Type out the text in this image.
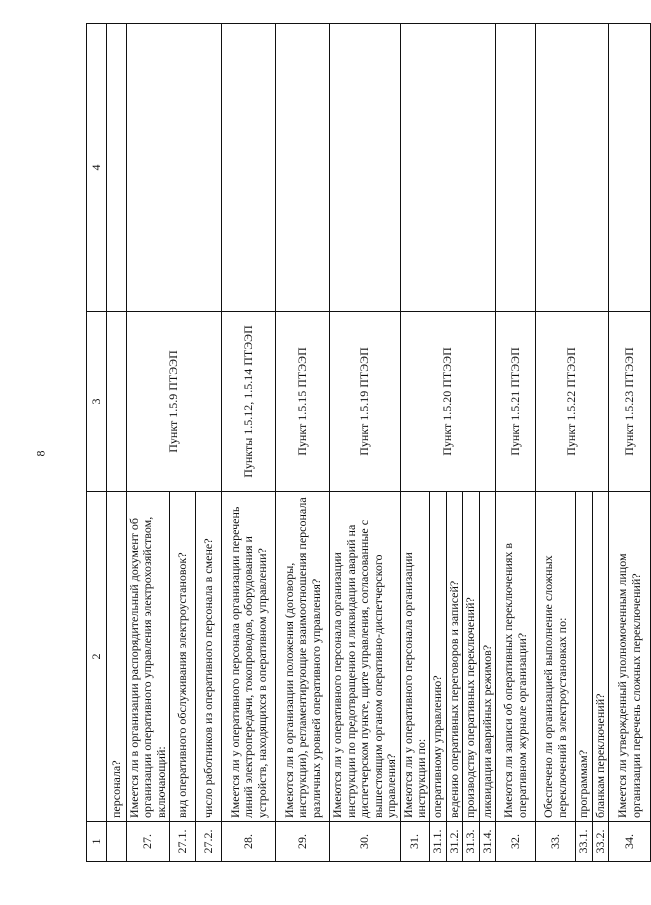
8
1	2	3	4
	персонала?		
27.	Имеется ли в организации распорядительный документ об организации оперативного управления электрохозяйством, включающий:	Пункт 1.5.9 ПТЭЭП	
27.1.	вид оперативного обслуживания электроустановок?		
27.2.	число работников из оперативного персонала в смене?		
28.	Имеется ли у оперативного персонала организации перечень линий электропередачи, токопроводов, оборудования и устройств, находящихся в оперативном управлении?	Пункты 1.5.12, 1.5.14 ПТЭЭП	
29.	Имеются ли в организации положения (договоры, инструкции), регламентирующие взаимоотношения персонала различных уровней оперативного управления?	Пункт 1.5.15 ПТЭЭП	
30.	Имеются ли у оперативного персонала организации инструкции по предотвращению и ликвидации аварий на диспетчерском пункте, щите управления, согласованные с вышестоящим органом оперативно-диспетчерского управления?	Пункт 1.5.19 ПТЭЭП	
31.	Имеются ли у оперативного персонала организации инструкции по:	Пункт 1.5.20 ПТЭЭП	
31.1.	оперативному управлению?		
31.2.	ведению оперативных переговоров и записей?		
31.3.	производству оперативных переключений?		
31.4.	ликвидации аварийных режимов?		
32.	Имеются ли записи об оперативных переключениях в оперативном журнале организации?	Пункт 1.5.21 ПТЭЭП	
33.	Обеспечено ли организацией выполнение сложных переключений в электроустановках по:	Пункт 1.5.22 ПТЭЭП	
33.1.	программам?		
33.2.	бланкам переключений?		
34.	Имеется ли утвержденный уполномоченным лицом организации перечень сложных переключений?	Пункт 1.5.23 ПТЭЭП	
